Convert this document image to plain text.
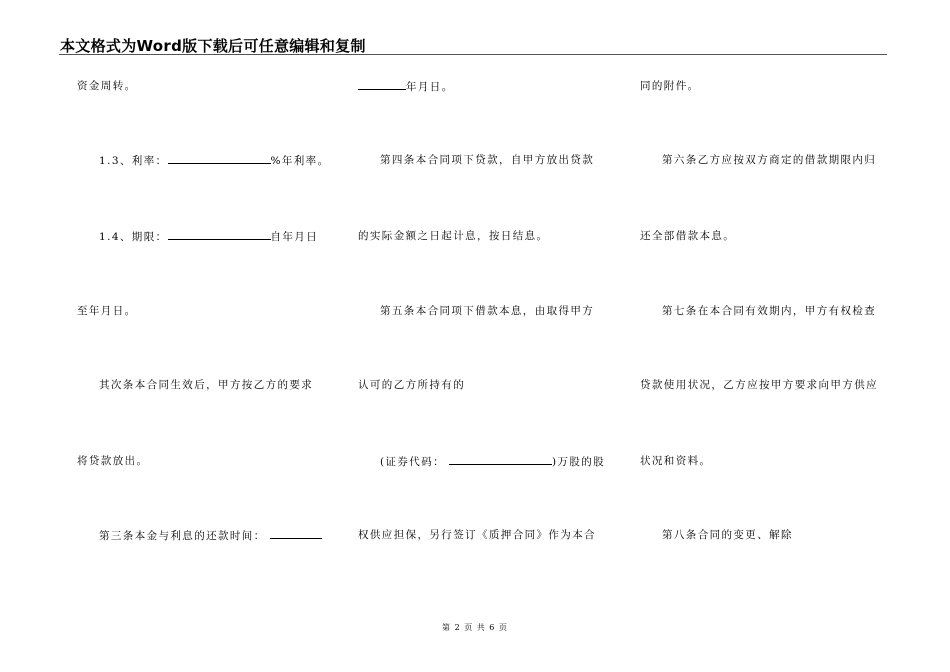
本文格式为Word版下载后可任意编辑和复制
资金周转。
1.3、利率：	%年利率。
1.4、期限：	自年月日
至年月日。
其次条本合同生效后，甲方按乙方的要求
将贷款放出。
第三条本金与利息的还款时间：
年月日。
第四条本合同项下贷款，自甲方放出贷款
的实际金额之日起计息，按日结息。
第五条本合同项下借款本息，由取得甲方
认可的乙方所持有的
(证券代码：	)万股的股
权供应担保，另行签订《质押合同》作为本合
同的附件。
第六条乙方应按双方商定的借款期限内归
还全部借款本息。
第七条在本合同有效期内，甲方有权检查
贷款使用状况，乙方应按甲方要求向甲方供应
状况和资料。
第八条合同的变更、解除
第 2 页 共 6 页
